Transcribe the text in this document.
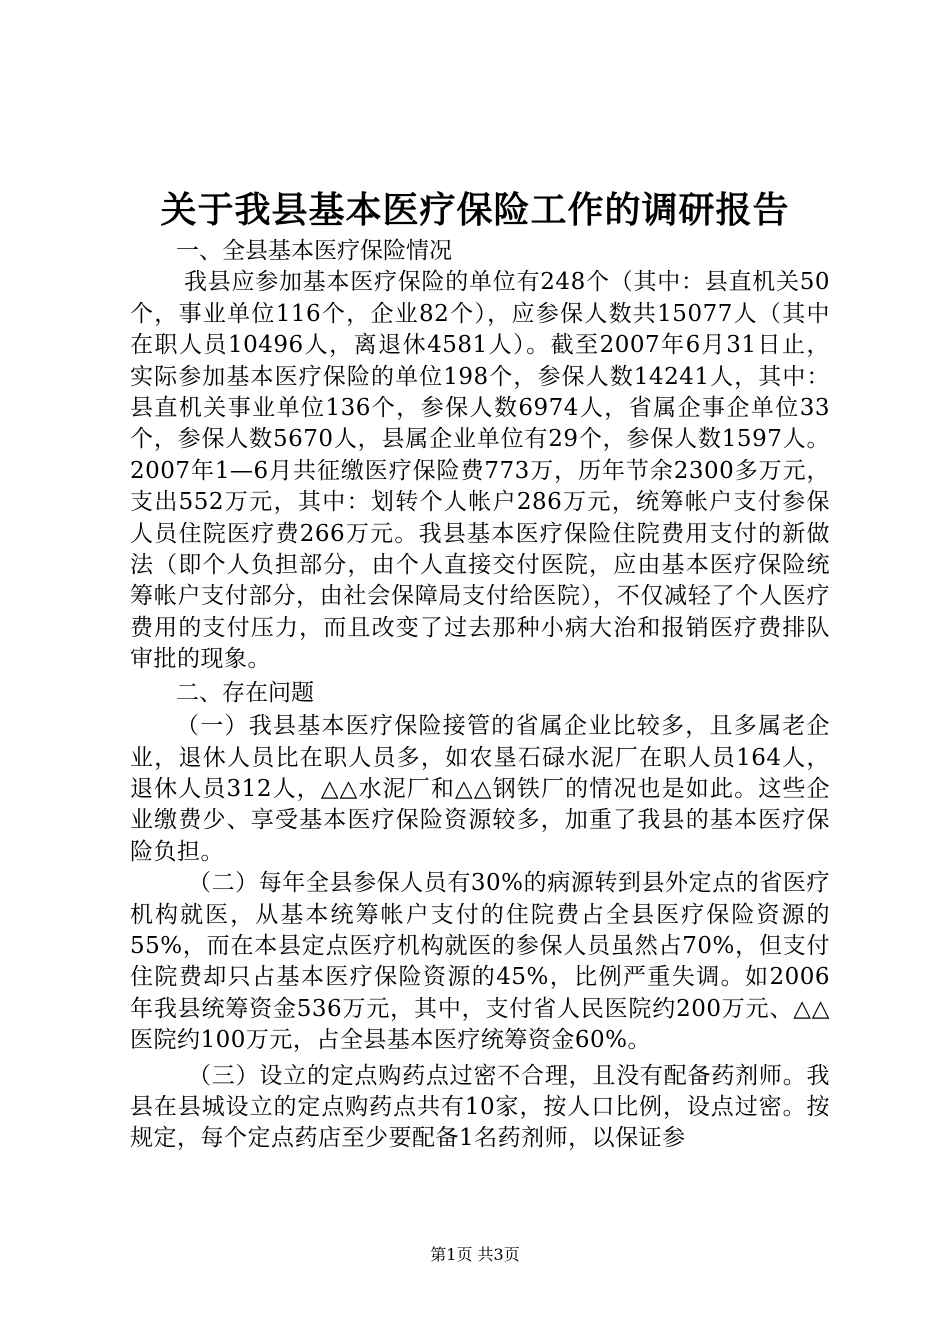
关于我县基本医疗保险工作的调研报告

一、全县基本医疗保险情况

我县应参加基本医疗保险的单位有248个（其中：县直机关50个，事业单位116个，企业82个），应参保人数共15077人（其中在职人员10496人，离退休4581人）。截至2007年6月31日止，实际参加基本医疗保险的单位198个，参保人数14241人，其中：县直机关事业单位136个，参保人数6974人，省属企事企单位33个，参保人数5670人，县属企业单位有29个，参保人数1597人。2007年1—6月共征缴医疗保险费773万，历年节余2300多万元，支出552万元，其中：划转个人帐户286万元，统筹帐户支付参保人员住院医疗费266万元。我县基本医疗保险住院费用支付的新做法（即个人负担部分，由个人直接交付医院，应由基本医疗保险统筹帐户支付部分，由社会保障局支付给医院），不仅减轻了个人医疗费用的支付压力，而且改变了过去那种小病大治和报销医疗费排队审批的现象。

二、存在问题

（一）我县基本医疗保险接管的省属企业比较多，且多属老企业，退休人员比在职人员多，如农垦石碌水泥厂在职人员164人，退休人员312人，△△水泥厂和△△钢铁厂的情况也是如此。这些企业缴费少、享受基本医疗保险资源较多，加重了我县的基本医疗保险负担。

（二）每年全县参保人员有30%的病源转到县外定点的省医疗机构就医，从基本统筹帐户支付的住院费占全县医疗保险资源的55%，而在本县定点医疗机构就医的参保人员虽然占70%，但支付住院费却只占基本医疗保险资源的45%，比例严重失调。如2006年我县统筹资金536万元，其中，支付省人民医院约200万元、△△医院约100万元，占全县基本医疗统筹资金60%。

（三）设立的定点购药点过密不合理，且没有配备药剂师。我县在县城设立的定点购药点共有10家，按人口比例，设点过密。按规定，每个定点药店至少要配备1名药剂师，以保证参

第1页 共3页
